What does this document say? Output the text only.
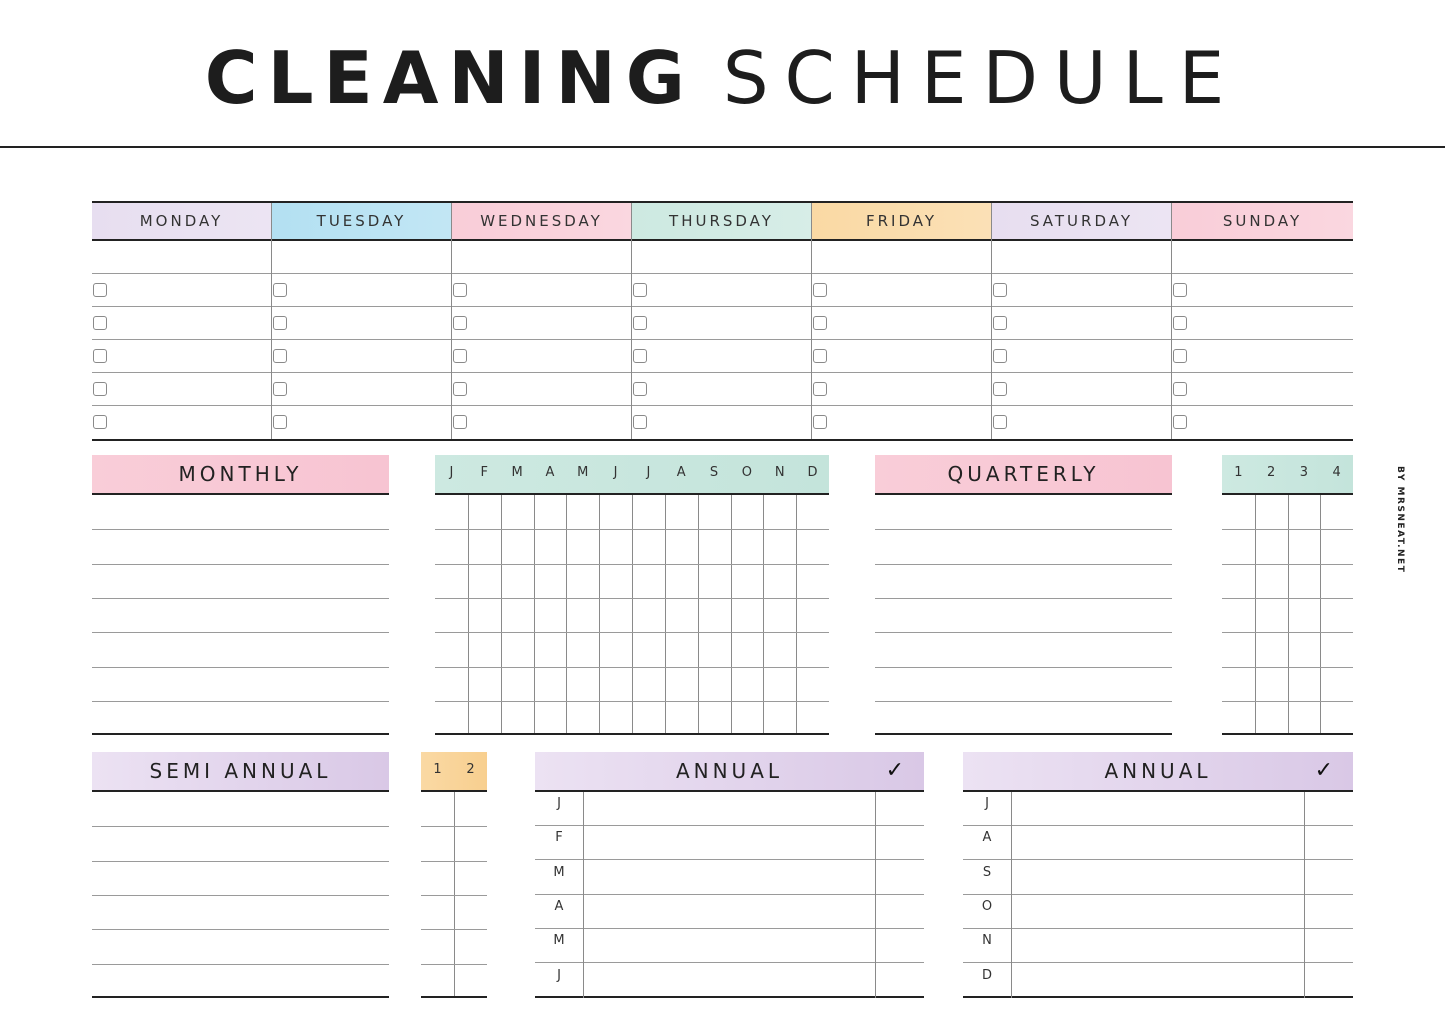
CLEANING SCHEDULE
MONDAY	TUESDAY	WEDNESDAY	THURSDAY	FRIDAY	SATURDAY	SUNDAY
MONTHLY	J	F	M	A	M	J	J	A	S	O	N	D	QUARTERLY	1	2	3	4
SEMI ANNUAL	1	2	ANNUAL	✓
J
F
M
A
M
J
ANNUAL	✓
J
A
S
O
N
D
BY MRSNEAT.NET
